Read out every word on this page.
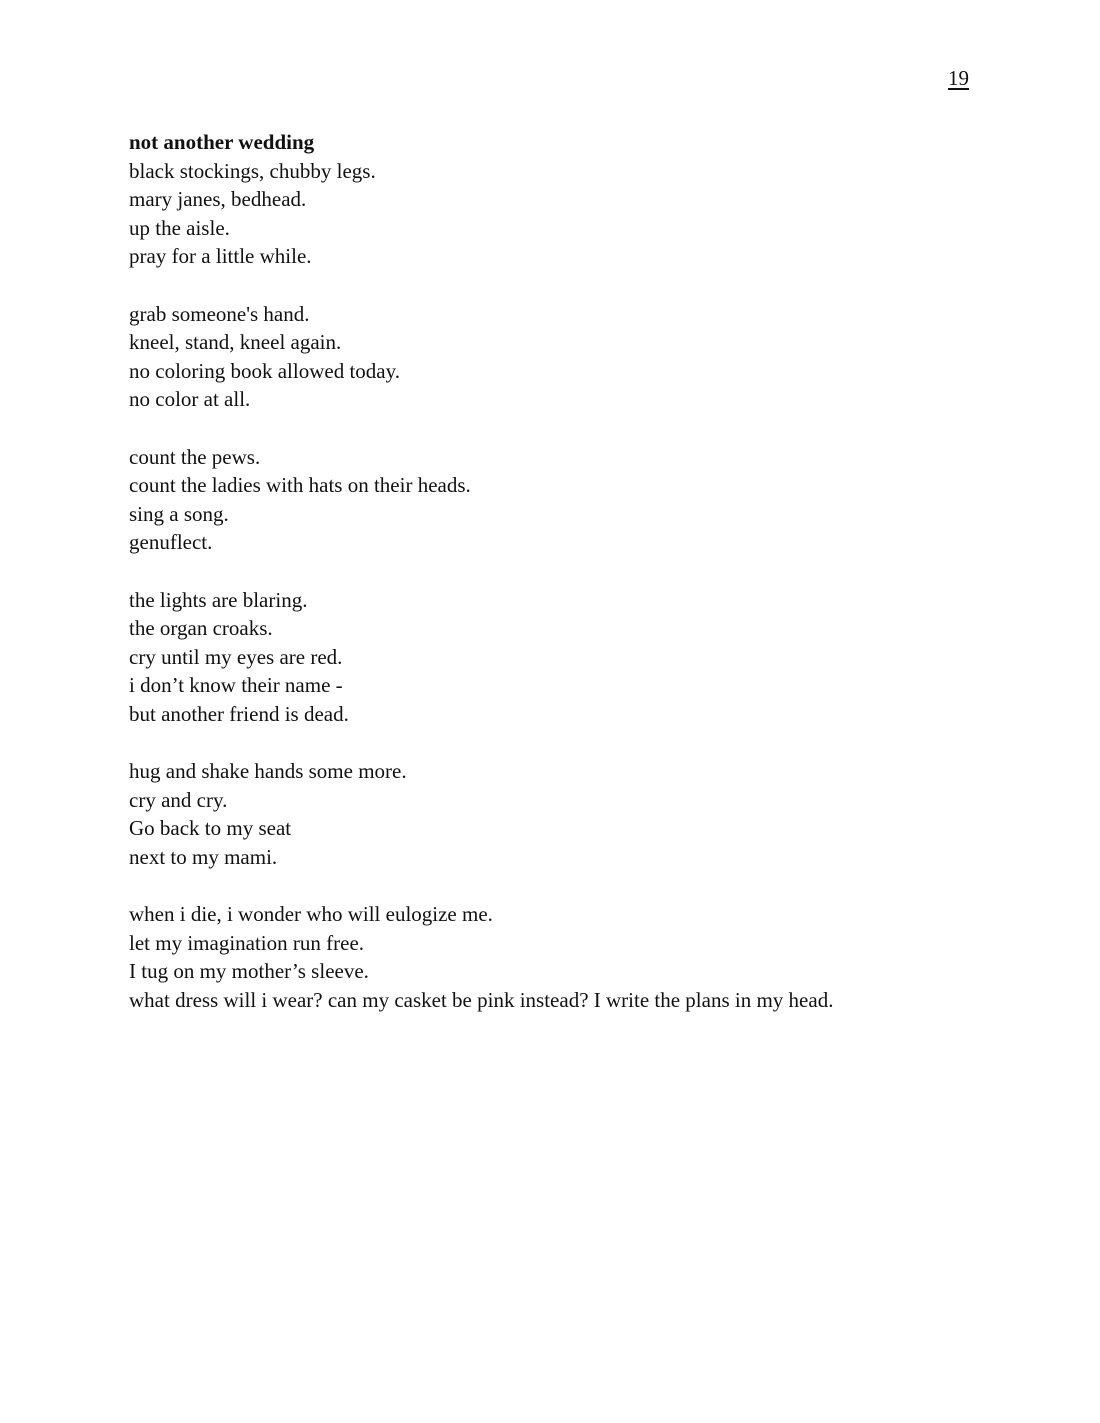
19
not another wedding
black stockings, chubby legs.
mary janes, bedhead.
up the aisle.
pray for a little while.
grab someone's hand.
kneel, stand, kneel again.
no coloring book allowed today.
no color at all.
count the pews.
count the ladies with hats on their heads.
sing a song.
genuflect.
the lights are blaring.
the organ croaks.
cry until my eyes are red.
i don’t know their name -
but another friend is dead.
hug and shake hands some more.
cry and cry.
Go back to my seat
next to my mami.
when i die, i wonder who will eulogize me.
let my imagination run free.
I tug on my mother’s sleeve.
what dress will i wear? can my casket be pink instead? I write the plans in my head.
